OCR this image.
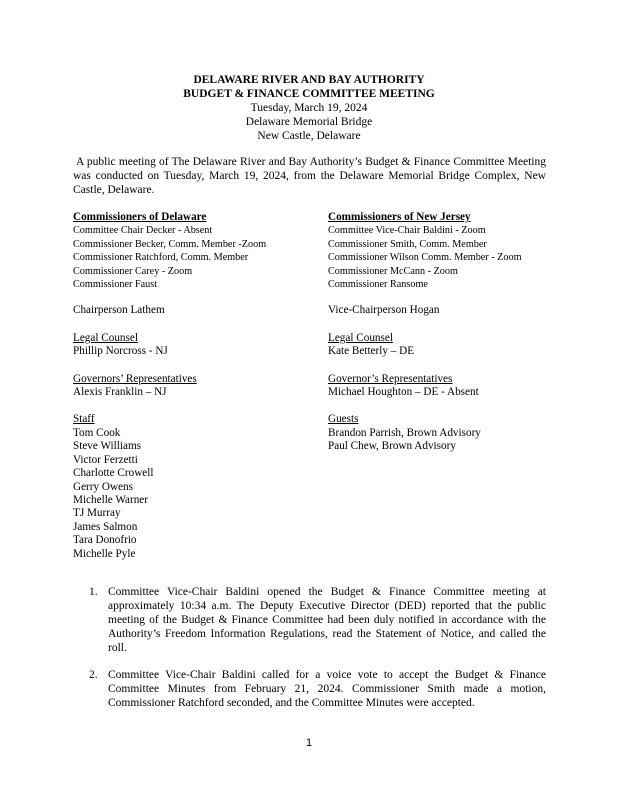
DELAWARE RIVER AND BAY AUTHORITY
BUDGET & FINANCE COMMITTEE MEETING
Tuesday, March 19, 2024
Delaware Memorial Bridge
New Castle, Delaware
A public meeting of The Delaware River and Bay Authority’s Budget & Finance Committee Meeting was conducted on Tuesday, March 19, 2024, from the Delaware Memorial Bridge Complex, New Castle, Delaware.
Commissioners of Delaware
Committee Chair Decker - Absent
Commissioner Becker, Comm. Member -Zoom
Commissioner Ratchford, Comm. Member
Commissioner Carey - Zoom
Commissioner Faust
Chairperson Lathem
Legal Counsel
Phillip Norcross - NJ
Governors’ Representatives
Alexis Franklin – NJ
Staff
Tom Cook
Steve Williams
Victor Ferzetti
Charlotte Crowell
Gerry Owens
Michelle Warner
TJ Murray
James Salmon
Tara Donofrio
Michelle Pyle
Commissioners of New Jersey
Committee Vice-Chair Baldini - Zoom
Commissioner Smith, Comm. Member
Commissioner Wilson Comm. Member - Zoom
Commissioner McCann - Zoom
Commissioner Ransome
Vice-Chairperson Hogan
Legal Counsel
Kate Betterly – DE
Governor’s Representatives
Michael Houghton – DE - Absent
Guests
Brandon Parrish, Brown Advisory
Paul Chew, Brown Advisory
1. Committee Vice-Chair Baldini opened the Budget & Finance Committee meeting at approximately 10:34 a.m. The Deputy Executive Director (DED) reported that the public meeting of the Budget & Finance Committee had been duly notified in accordance with the Authority’s Freedom Information Regulations, read the Statement of Notice, and called the roll.
2. Committee Vice-Chair Baldini called for a voice vote to accept the Budget & Finance Committee Minutes from February 21, 2024. Commissioner Smith made a motion, Commissioner Ratchford seconded, and the Committee Minutes were accepted.
1
